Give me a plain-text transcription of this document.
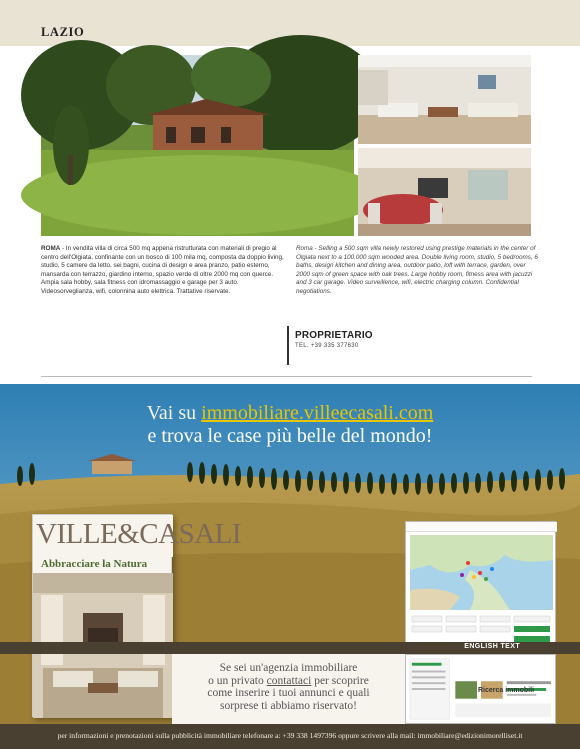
LAZIO
ROMA - In vendita villa di circa 500 mq appena ristrutturata con materiali di pregio al centro dell'Olgiata, confinante con un bosco di 100 mila mq, composta da doppio living, studio, 5 camere da letto, sei bagni, cucina di design e area pranzo, patio esterno, mansarda con terrazzo, giardino interno, spazio verde di oltre 2000 mq con querce. Ampia sala hobby, sala fitness con idromassaggio e garage per 3 auto. Videosorveglianza, wifi, colonnina auto elettrica. Trattative riservate.
Roma - Selling a 500 sqm villa newly restored using prestige materials in the center of Olgiata next to a 100.000 sqm wooded area. Double living room, studio, 5 bedrooms, 6 baths, design kitchen and dining area, outdoor patio, loft with terrace, garden, over 2000 sqm of green space with oak trees. Large hobby room, fitness area with jacuzzi and 3 car garage. Video surveillence, wifi, electric charging column. Confidential negotiations.
PROPRIETARIO
TEL. +39 335 377630
Vai su immobiliare.villeecasali.com
e trova le case più belle del mondo!
VILLE&CASALI
Abbracciare la Natura
ENGLISH TEXT
Se sei un'agenzia immobiliare
o un privato contattaci per scoprire
come inserire i tuoi annunci e quali
sorprese ti abbiamo riservato!
Ricerca immobili
per informazioni e prenotazioni sulla pubblicità immobiliare telefonare a: +39 338 1497396 oppure scrivere alla mail: immobiliare@edizionimorelliset.it
